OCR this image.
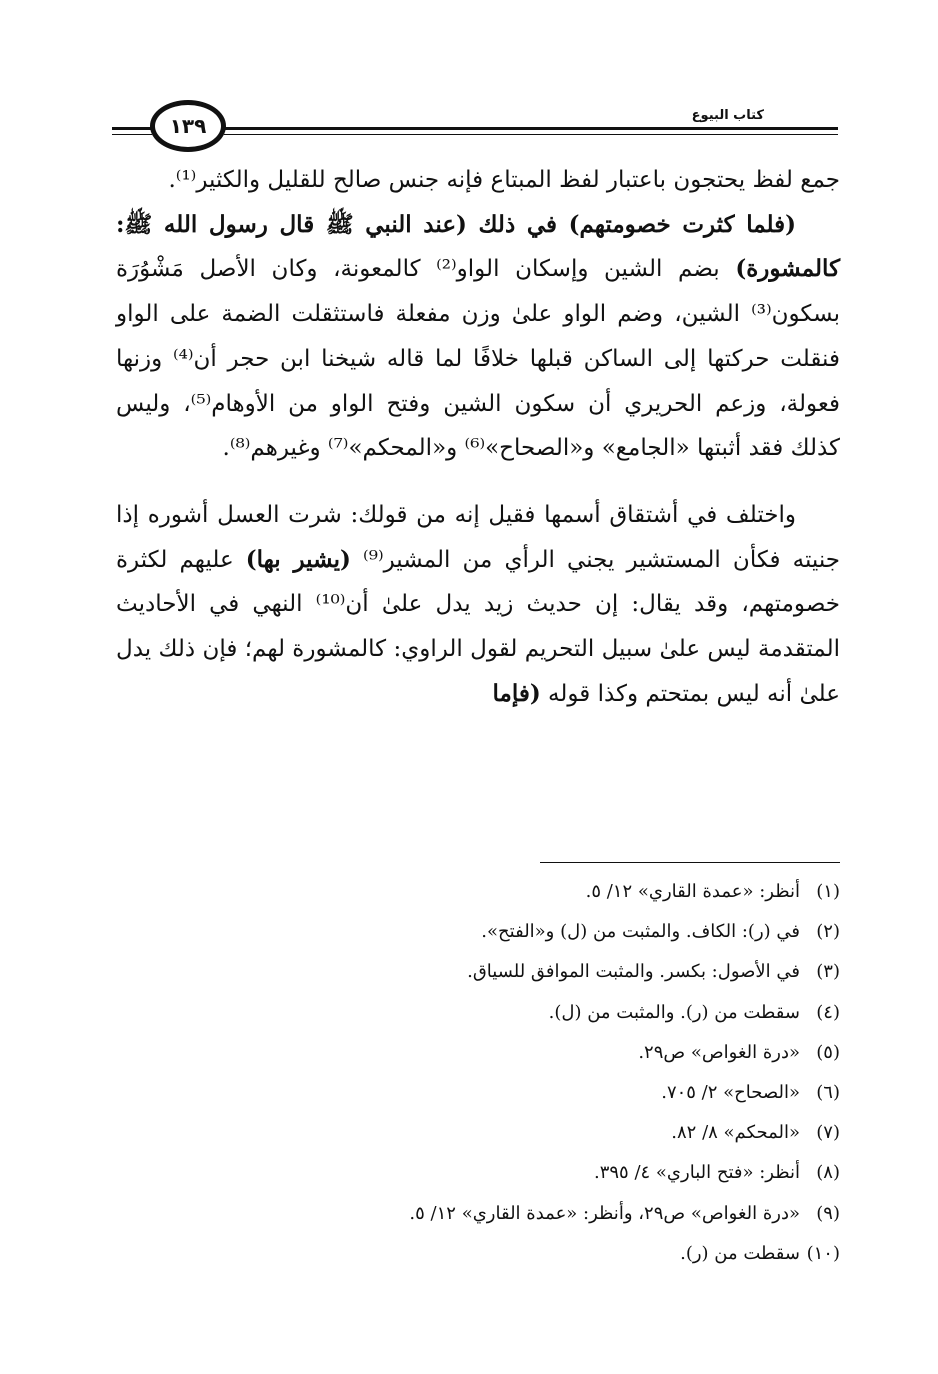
كتاب البيوع
١٣٩

جمع لفظ يحتجون باعتبار لفظ المبتاع فإنه جنس صالح للقليل والكثير⁽¹⁾.

(فلما كثرت خصومتهم) في ذلك (عند النبي ﷺ قال رسول الله ﷺ: كالمشورة) بضم الشين وإسكان الواو⁽²⁾ كالمعونة، وكان الأصل مَشْوُرَة بسكون⁽³⁾ الشين، وضم الواو علىٰ وزن مفعلة فاستثقلت الضمة على الواو فنقلت حركتها إلى الساكن قبلها خلافًا لما قاله شيخنا ابن حجر أن⁽⁴⁾ وزنها فعولة، وزعم الحريري أن سكون الشين وفتح الواو من الأوهام⁽⁵⁾، وليس كذلك فقد أثبتها «الجامع» و«الصحاح»⁽⁶⁾ و«المحكم»⁽⁷⁾ وغيرهم⁽⁸⁾.

واختلف في أشتقاق أسمها فقيل إنه من قولك: شرت العسل أشوره إذا جنيته فكأن المستشير يجني الرأي من المشير⁽⁹⁾ (يشير بها) عليهم لكثرة خصومتهم، وقد يقال: إن حديث زيد يدل علىٰ أن⁽¹⁰⁾ النهي في الأحاديث المتقدمة ليس علىٰ سبيل التحريم لقول الراوي: كالمشورة لهم؛ فإن ذلك يدل علىٰ أنه ليس بمتحتم وكذا قوله (فإما

(١)
أنظر: «عمدة القاري» ١٢/ ٥.
(٢)
في (ر): الكاف. والمثبت من (ل) و«الفتح».
(٣)
في الأصول: بكسر. والمثبت الموافق للسياق.
(٤)
سقطت من (ر). والمثبت من (ل).
(٥)
«درة الغواص» ص٢٩.
(٦)
«الصحاح» ٢/ ٧٠٥.
(٧)
«المحكم» ٨/ ٨٢.
(٨)
أنظر: «فتح الباري» ٤/ ٣٩٥.
(٩)
«درة الغواص» ص٢٩، وأنظر: «عمدة القاري» ١٢/ ٥.
(١٠)
سقطت من (ر).
